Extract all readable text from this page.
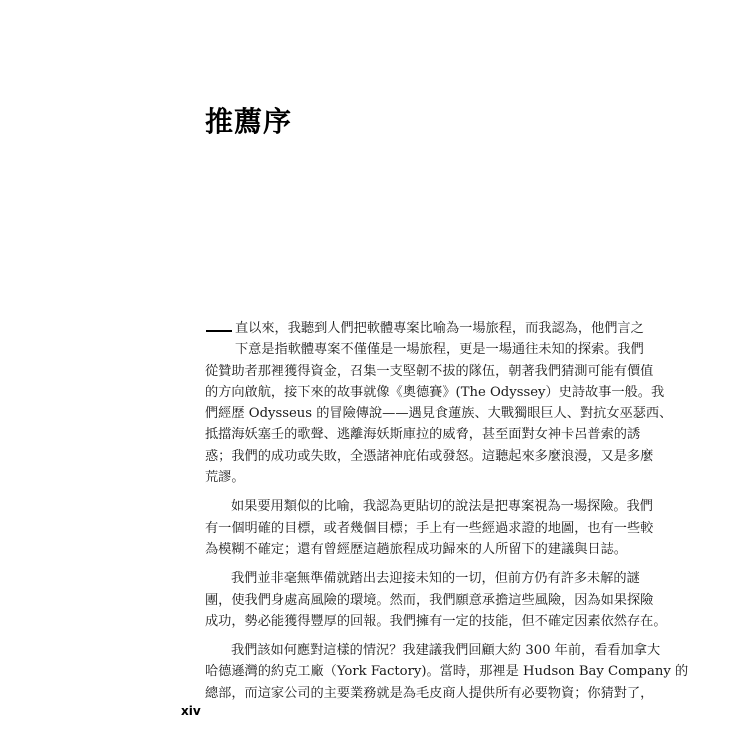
推薦序
直以來，我聽到人們把軟體專案比喻為一場旅程，而我認為，他們言之
下意是指軟體專案不僅僅是一場旅程，更是一場通往未知的探索。我們
從贊助者那裡獲得資金，召集一支堅韌不拔的隊伍，朝著我們猜測可能有價值
的方向啟航，接下來的故事就像《奧德賽》(The Odyssey）史詩故事一般。我
們經歷 Odysseus 的冒險傳說——遇見食蓮族、大戰獨眼巨人、對抗女巫瑟西、
抵擋海妖塞壬的歌聲、逃離海妖斯庫拉的威脅，甚至面對女神卡呂普索的誘
惑；我們的成功或失敗，全憑諸神庇佑或發怒。這聽起來多麼浪漫，又是多麼
荒謬。
如果要用類似的比喻，我認為更貼切的說法是把專案視為一場探險。我們
有一個明確的目標，或者幾個目標；手上有一些經過求證的地圖，也有一些較
為模糊不確定；還有曾經歷這趟旅程成功歸來的人所留下的建議與日誌。
我們並非毫無準備就踏出去迎接未知的一切，但前方仍有許多未解的謎
團，使我們身處高風險的環境。然而，我們願意承擔這些風險，因為如果探險
成功，勢必能獲得豐厚的回報。我們擁有一定的技能，但不確定因素依然存在。
我們該如何應對這樣的情況？我建議我們回顧大約 300 年前，看看加拿大
哈德遜灣的約克工廠（York Factory)。當時，那裡是 Hudson Bay Company 的
總部，而這家公司的主要業務就是為毛皮商人提供所有必要物資；你猜對了，
xiv
